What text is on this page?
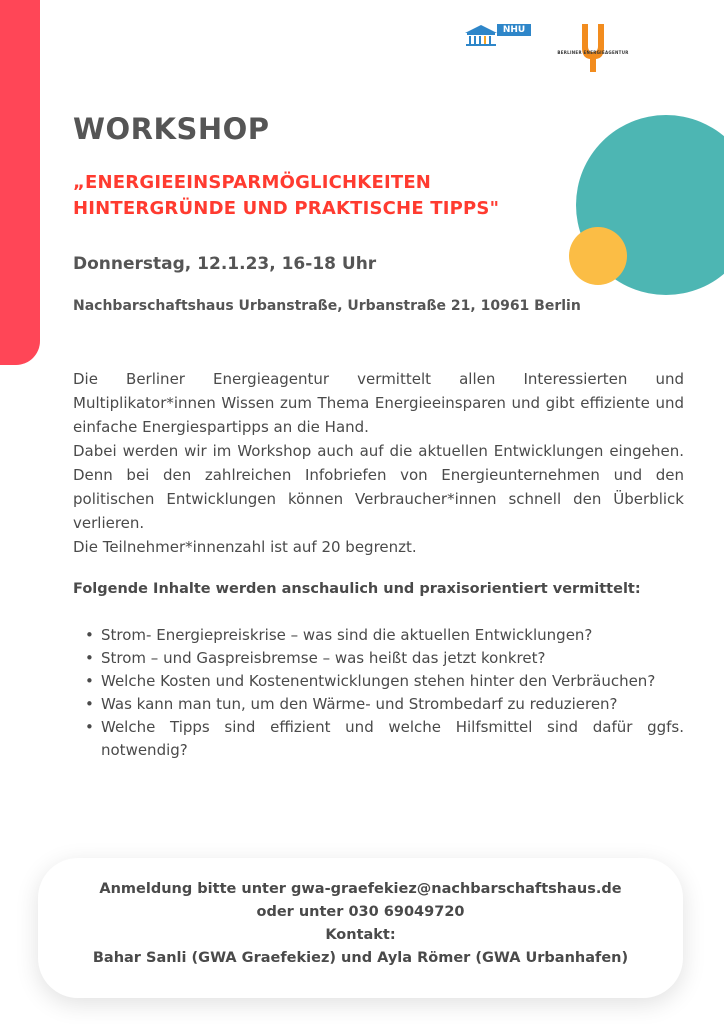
NHU
BERLINER ENERGIEAGENTUR
WORKSHOP
„ENERGIEEINSPARMÖGLICHKEITEN
HINTERGRÜNDE UND PRAKTISCHE TIPPS"
Donnerstag, 12.1.23, 16-18 Uhr
Nachbarschaftshaus Urbanstraße, Urbanstraße 21, 10961 Berlin

Die Berliner Energieagentur vermittelt allen Interessierten und Multiplikator*innen Wissen zum Thema Energieeinsparen und gibt effiziente und einfache Energiespartipps an die Hand.

Dabei werden wir im Workshop auch auf die aktuellen Entwicklungen eingehen. Denn bei den zahlreichen Infobriefen von Energieunternehmen und den politischen Entwicklungen können Verbraucher*innen schnell den Überblick verlieren.

Die Teilnehmer*innenzahl ist auf 20 begrenzt.

Folgende Inhalte werden anschaulich und praxisorientiert vermittelt:
• Strom- Energiepreiskrise – was sind die aktuellen Entwicklungen?
• Strom – und Gaspreisbremse – was heißt das jetzt konkret?
• Welche Kosten und Kostenentwicklungen stehen hinter den Verbräuchen?
• Was kann man tun, um den Wärme- und Strombedarf zu reduzieren?
• Welche Tipps sind effizient und welche Hilfsmittel sind dafür ggfs. notwendig?
Anmeldung bitte unter gwa-graefekiez@nachbarschaftshaus.de
oder unter 030 69049720
Kontakt:
Bahar Sanli (GWA Graefekiez) und Ayla Römer (GWA Urbanhafen)
